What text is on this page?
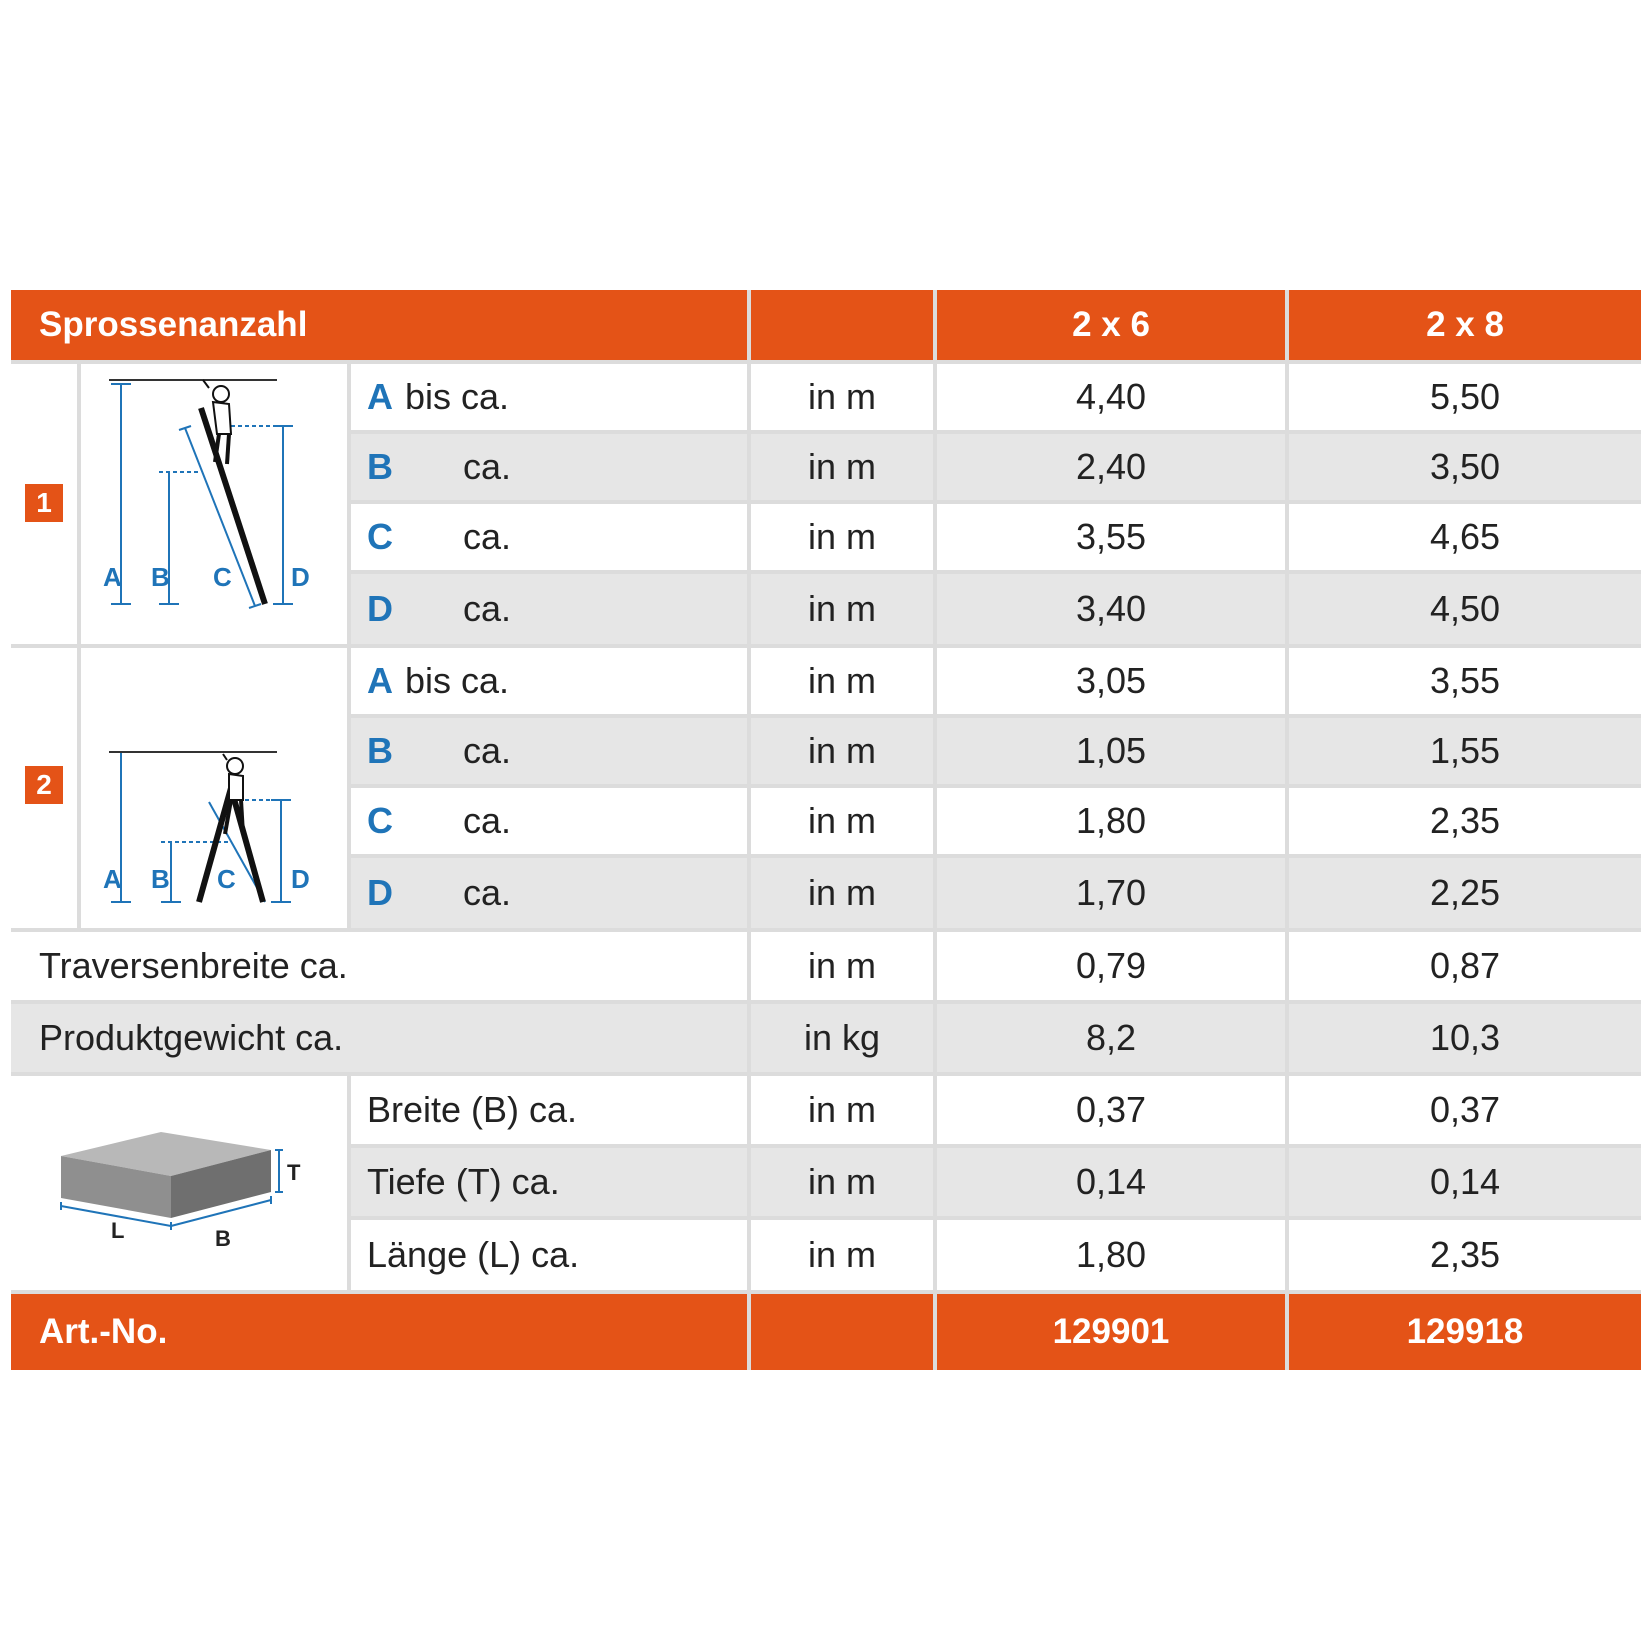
Sprossenanzahl	2 x 6	2 x 8
1
A B C D
2
A B C D
A bis ca.	in m	4,40	5,50
B	ca.	in m	2,40	3,50
C	ca.	in m	3,55	4,65
D	ca.	in m	3,40	4,50
A bis ca.	in m	3,05	3,55
B	ca.	in m	1,05	1,55
C	ca.	in m	1,80	2,35
D	ca.	in m	1,70	2,25
Traversenbreite ca.	in m	0,79	0,87
Produktgewicht ca.	in kg	8,2	10,3
T
L	B
Breite (B) ca.	in m	0,37	0,37
Tiefe (T) ca.	in m	0,14	0,14
Länge (L) ca.	in m	1,80	2,35
Art.-No.	129901	129918
